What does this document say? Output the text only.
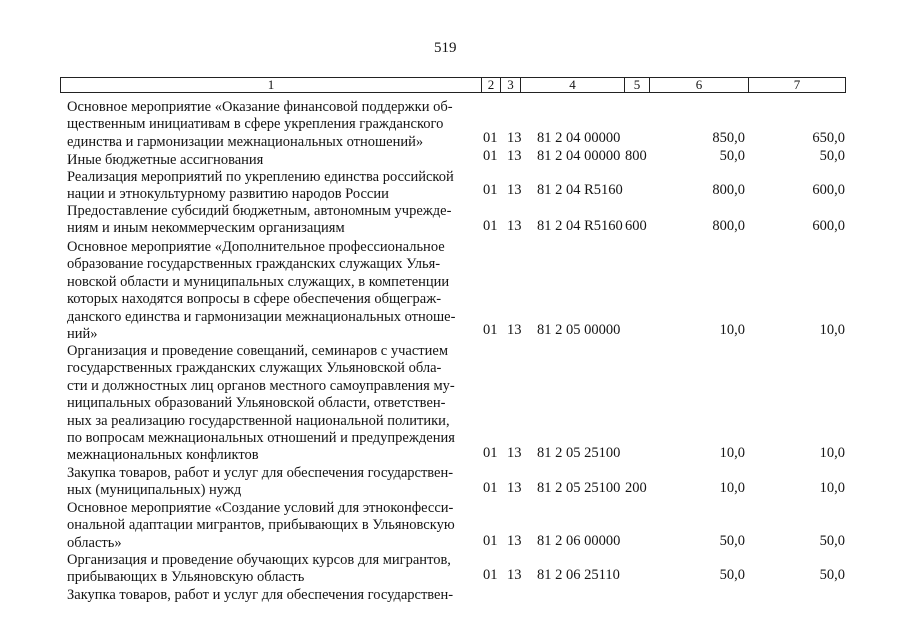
519
1	2	3	4	5	6	7
Основное мероприятие «Оказание финансовой поддержки об-
щественным инициативам в сфере укрепления гражданского
единства и гармонизации межнациональных отношений»	01 13 81 2 04 00000	850,0	650,0
Иные бюджетные ассигнования	01 13 81 2 04 00000 800	50,0	50,0
Реализация мероприятий по укреплению единства российской
нации и этнокультурному развитию народов России	01 13 81 2 04 R5160	800,0	600,0
Предоставление субсидий бюджетным, автономным учрежде-
ниям и иным некоммерческим организациям	01 13 81 2 04 R5160 600	800,0	600,0
Основное мероприятие «Дополнительное профессиональное
образование государственных гражданских служащих Улья-
новской области и муниципальных служащих, в компетенции
которых находятся вопросы в сфере обеспечения общеграж-
данского единства и гармонизации межнациональных отноше-
ний»	01 13 81 2 05 00000	10,0	10,0
Организация и проведение совещаний, семинаров с участием
государственных гражданских служащих Ульяновской обла-
сти и должностных лиц органов местного самоуправления му-
ниципальных образований Ульяновской области, ответствен-
ных за реализацию государственной национальной политики,
по вопросам межнациональных отношений и предупреждения
межнациональных конфликтов	01 13 81 2 05 25100	10,0	10,0
Закупка товаров, работ и услуг для обеспечения государствен-
ных (муниципальных) нужд	01 13 81 2 05 25100 200	10,0	10,0
Основное мероприятие «Создание условий для этноконфесси-
ональной адаптации мигрантов, прибывающих в Ульяновскую
область»	01 13 81 2 06 00000	50,0	50,0
Организация и проведение обучающих курсов для мигрантов,
прибывающих в Ульяновскую область	01 13 81 2 06 25110	50,0	50,0
Закупка товаров, работ и услуг для обеспечения государствен-
